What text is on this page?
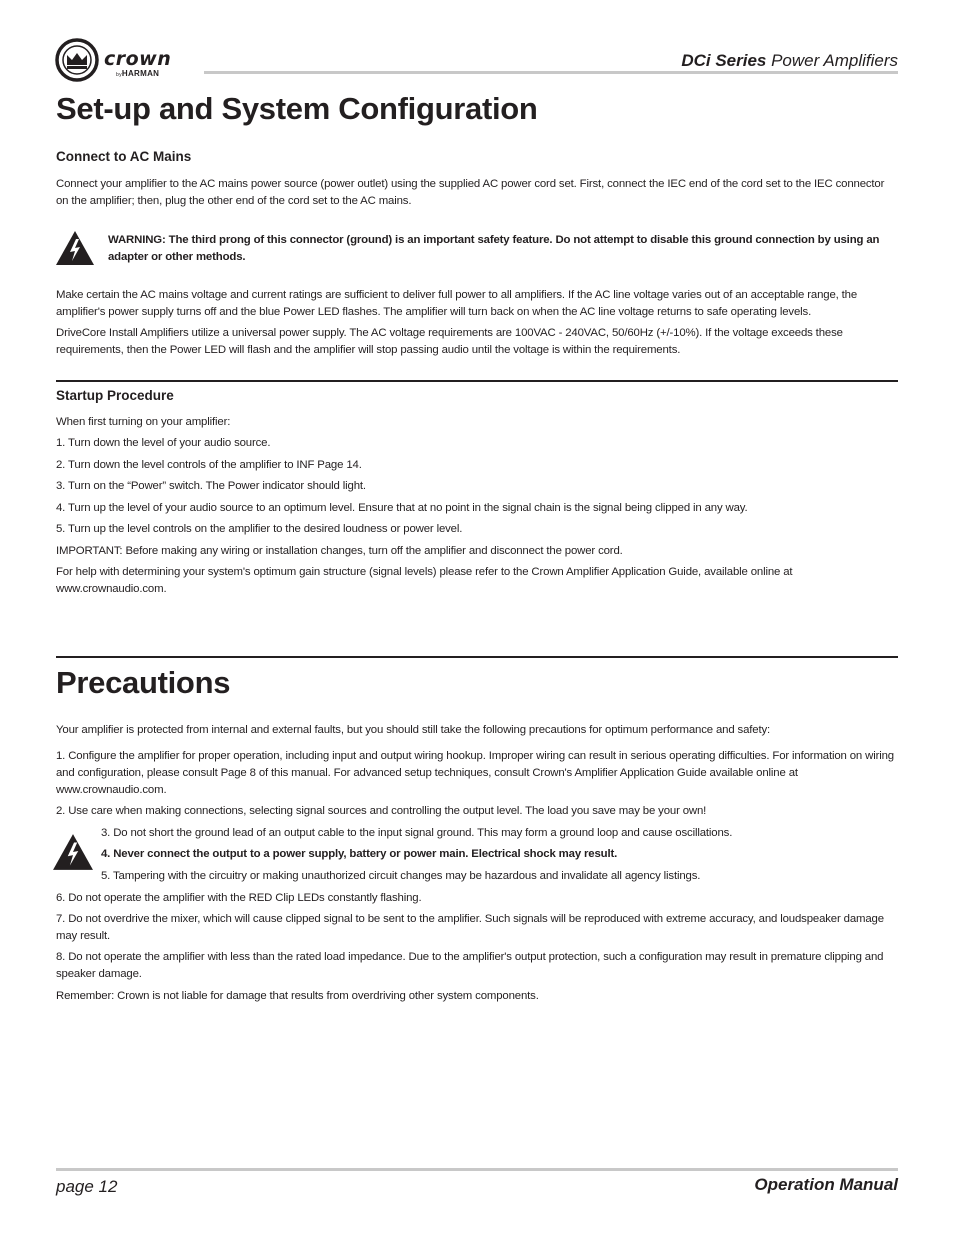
crown
byHARMAN
DCi Series Power Amplifiers
Set-up and System Configuration
Connect to AC Mains
Connect your amplifier to the AC mains power source (power outlet) using the supplied AC power cord set. First, connect the IEC end of the cord set to the IEC connector on the amplifier; then, plug the other end of the cord set to the AC mains.
WARNING: The third prong of this connector (ground) is an important safety feature. Do not attempt to disable this ground connection by using an adapter or other methods.
Make certain the AC mains voltage and current ratings are sufficient to deliver full power to all amplifiers. If the AC line voltage varies out of an acceptable range, the amplifier's power supply turns off and the blue Power LED flashes. The amplifier will turn back on when the AC line voltage returns to safe operating levels.
DriveCore Install Amplifiers utilize a universal power supply. The AC voltage requirements are 100VAC - 240VAC, 50/60Hz (+/-10%). If the voltage exceeds these requirements, then the Power LED will flash and the amplifier will stop passing audio until the voltage is within the requirements.
Startup Procedure
When first turning on your amplifier:
1. Turn down the level of your audio source.
2. Turn down the level controls of the amplifier to INF Page 14.
3. Turn on the “Power” switch. The Power indicator should light.
4. Turn up the level of your audio source to an optimum level. Ensure that at no point in the signal chain is the signal being clipped in any way.
5. Turn up the level controls on the amplifier to the desired loudness or power level.
IMPORTANT: Before making any wiring or installation changes, turn off the amplifier and disconnect the power cord.
For help with determining your system's optimum gain structure (signal levels) please refer to the Crown Amplifier Application Guide, available online at www.crownaudio.com.
Precautions
Your amplifier is protected from internal and external faults, but you should still take the following precautions for optimum performance and safety:
1. Configure the amplifier for proper operation, including input and output wiring hookup. Improper wiring can result in serious operating difficulties. For information on wiring and configuration, please consult Page 8 of this manual. For advanced setup techniques, consult Crown's Amplifier Application Guide available online at www.crownaudio.com.
2. Use care when making connections, selecting signal sources and controlling the output level. The load you save may be your own!
3. Do not short the ground lead of an output cable to the input signal ground. This may form a ground loop and cause oscillations.
4. Never connect the output to a power supply, battery or power main. Electrical shock may result.
5. Tampering with the circuitry or making unauthorized circuit changes may be hazardous and invalidate all agency listings.
6. Do not operate the amplifier with the RED Clip LEDs constantly flashing.
7. Do not overdrive the mixer, which will cause clipped signal to be sent to the amplifier. Such signals will be reproduced with extreme accuracy, and loudspeaker damage may result.
8. Do not operate the amplifier with less than the rated load impedance. Due to the amplifier's output protection, such a configuration may result in premature clipping and speaker damage.
Remember: Crown is not liable for damage that results from overdriving other system components.
page 12	Operation Manual
